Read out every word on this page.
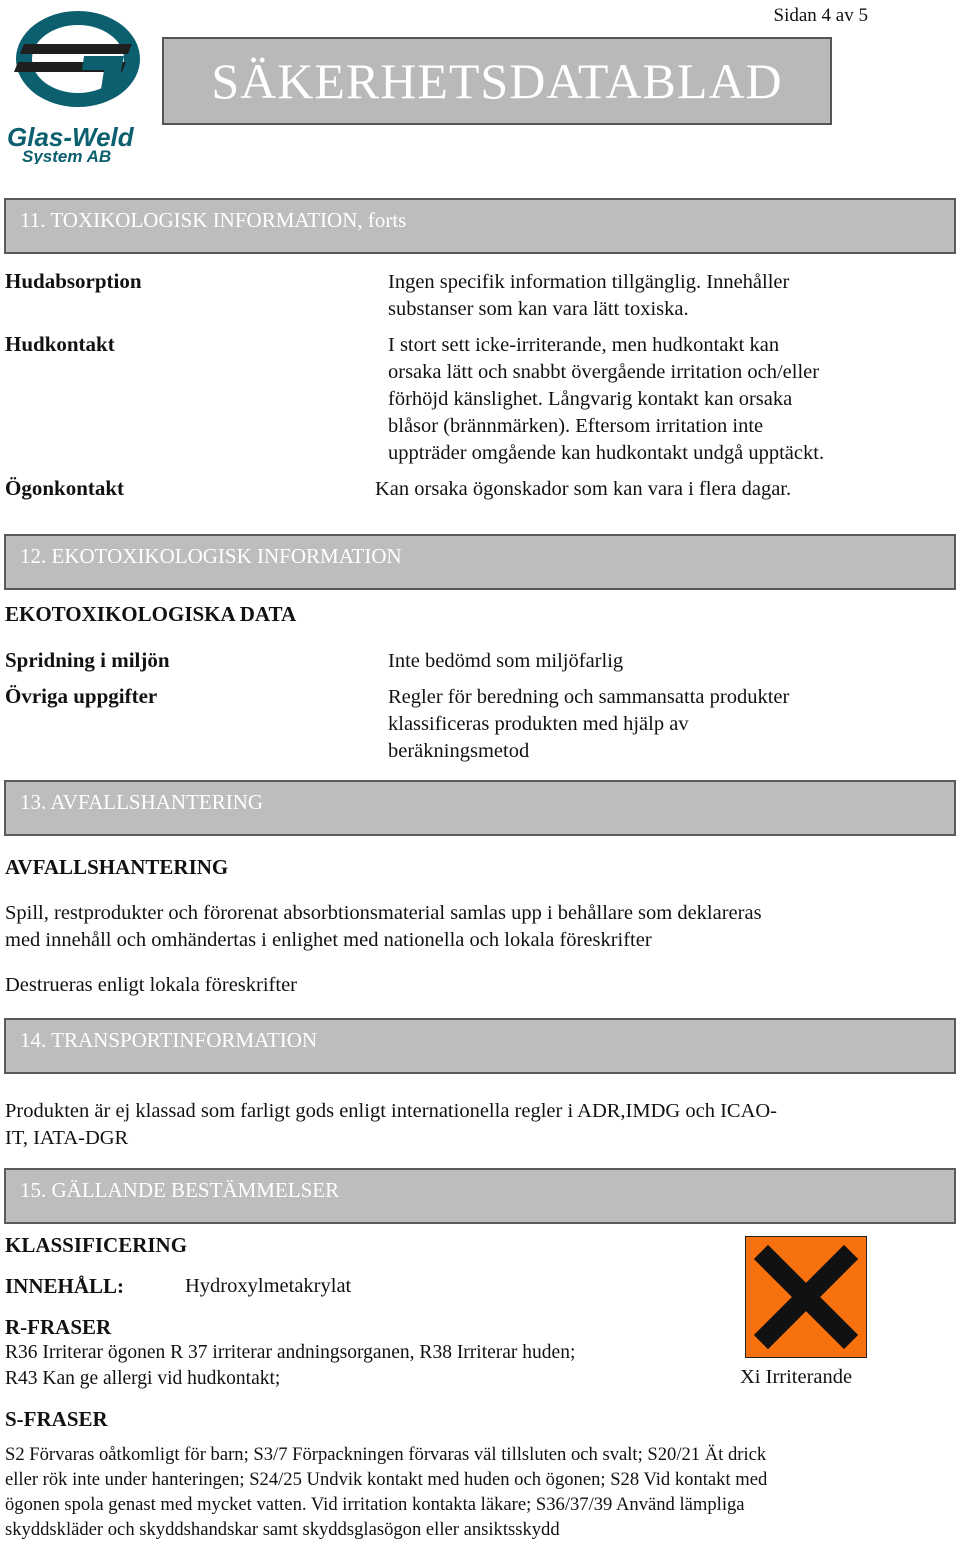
Sidan 4 av 5
Glas-Weld
System AB
SÄKERHETSDATABLAD
11. TOXIKOLOGISK INFORMATION, forts
Hudabsorption	Ingen specifik information tillgänglig. Innehåller
substanser som kan vara lätt toxiska.
Hudkontakt	I stort sett icke-irriterande, men hudkontakt kan
orsaka lätt och snabbt övergående irritation och/eller
förhöjd känslighet. Långvarig kontakt kan orsaka
blåsor (brännmärken). Eftersom irritation inte
uppträder omgående kan hudkontakt undgå upptäckt.
Ögonkontakt	Kan orsaka ögonskador som kan vara i flera dagar.
12. EKOTOXIKOLOGISK INFORMATION
EKOTOXIKOLOGISKA DATA
Spridning i miljön	Inte bedömd som miljöfarlig
Övriga uppgifter	Regler för beredning och sammansatta produkter
klassificeras produkten med hjälp av
beräkningsmetod
13. AVFALLSHANTERING
AVFALLSHANTERING
Spill, restprodukter och förorenat absorbtionsmaterial samlas upp i behållare som deklareras
med innehåll och omhändertas i enlighet med nationella och lokala föreskrifter
Destrueras enligt lokala föreskrifter
14. TRANSPORTINFORMATION
Produkten är ej klassad som farligt gods enligt internationella regler i ADR,IMDG och ICAO-
IT, IATA-DGR
15. GÄLLANDE BESTÄMMELSER
KLASSIFICERING
INNEHÅLL:	Hydroxylmetakrylat
R-FRASER
R36 Irriterar ögonen R 37 irriterar andningsorganen, R38 Irriterar huden;
R43 Kan ge allergi vid hudkontakt;	Xi Irriterande
S-FRASER
S2 Förvaras oåtkomligt för barn; S3/7 Förpackningen förvaras väl tillsluten och svalt; S20/21 Ät drick
eller rök inte under hanteringen; S24/25 Undvik kontakt med huden och ögonen; S28 Vid kontakt med
ögonen spola genast med mycket vatten. Vid irritation kontakta läkare; S36/37/39 Använd lämpliga
skyddskläder och skyddshandskar samt skyddsglasögon eller ansiktsskydd
